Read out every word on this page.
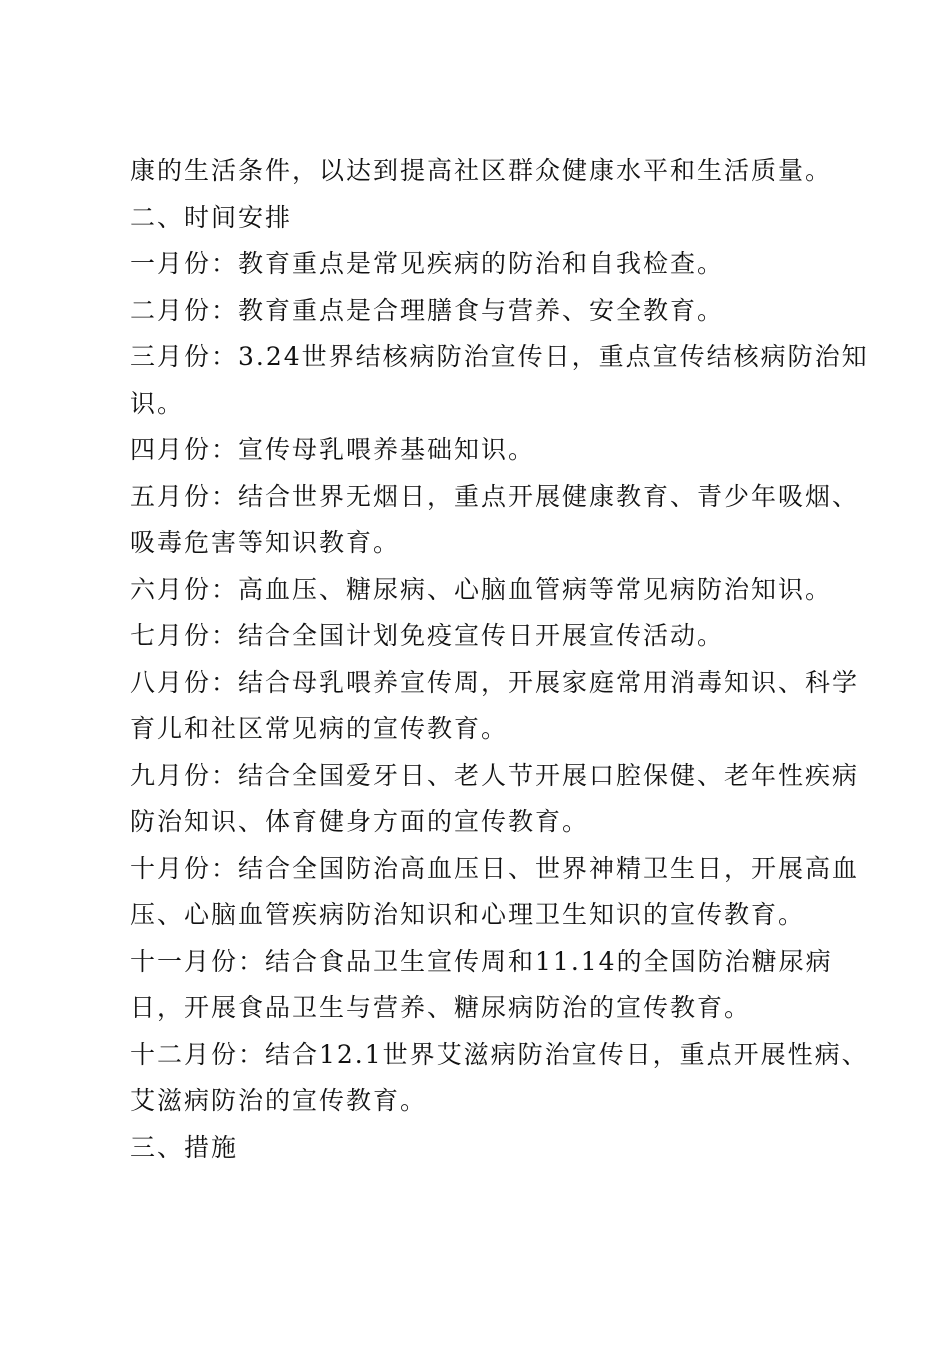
康的生活条件，以达到提高社区群众健康水平和生活质量。
二、时间安排
一月份：教育重点是常见疾病的防治和自我检查。
二月份：教育重点是合理膳食与营养、安全教育。
三月份：3.24世界结核病防治宣传日，重点宣传结核病防治知
识。
四月份：宣传母乳喂养基础知识。
五月份：结合世界无烟日，重点开展健康教育、青少年吸烟、
吸毒危害等知识教育。
六月份：高血压、糖尿病、心脑血管病等常见病防治知识。
七月份：结合全国计划免疫宣传日开展宣传活动。
八月份：结合母乳喂养宣传周，开展家庭常用消毒知识、科学
育儿和社区常见病的宣传教育。
九月份：结合全国爱牙日、老人节开展口腔保健、老年性疾病
防治知识、体育健身方面的宣传教育。
十月份：结合全国防治高血压日、世界神精卫生日，开展高血
压、心脑血管疾病防治知识和心理卫生知识的宣传教育。
十一月份：结合食品卫生宣传周和11.14的全国防治糖尿病
日，开展食品卫生与营养、糖尿病防治的宣传教育。
十二月份：结合12.1世界艾滋病防治宣传日，重点开展性病、
艾滋病防治的宣传教育。
三、措施
